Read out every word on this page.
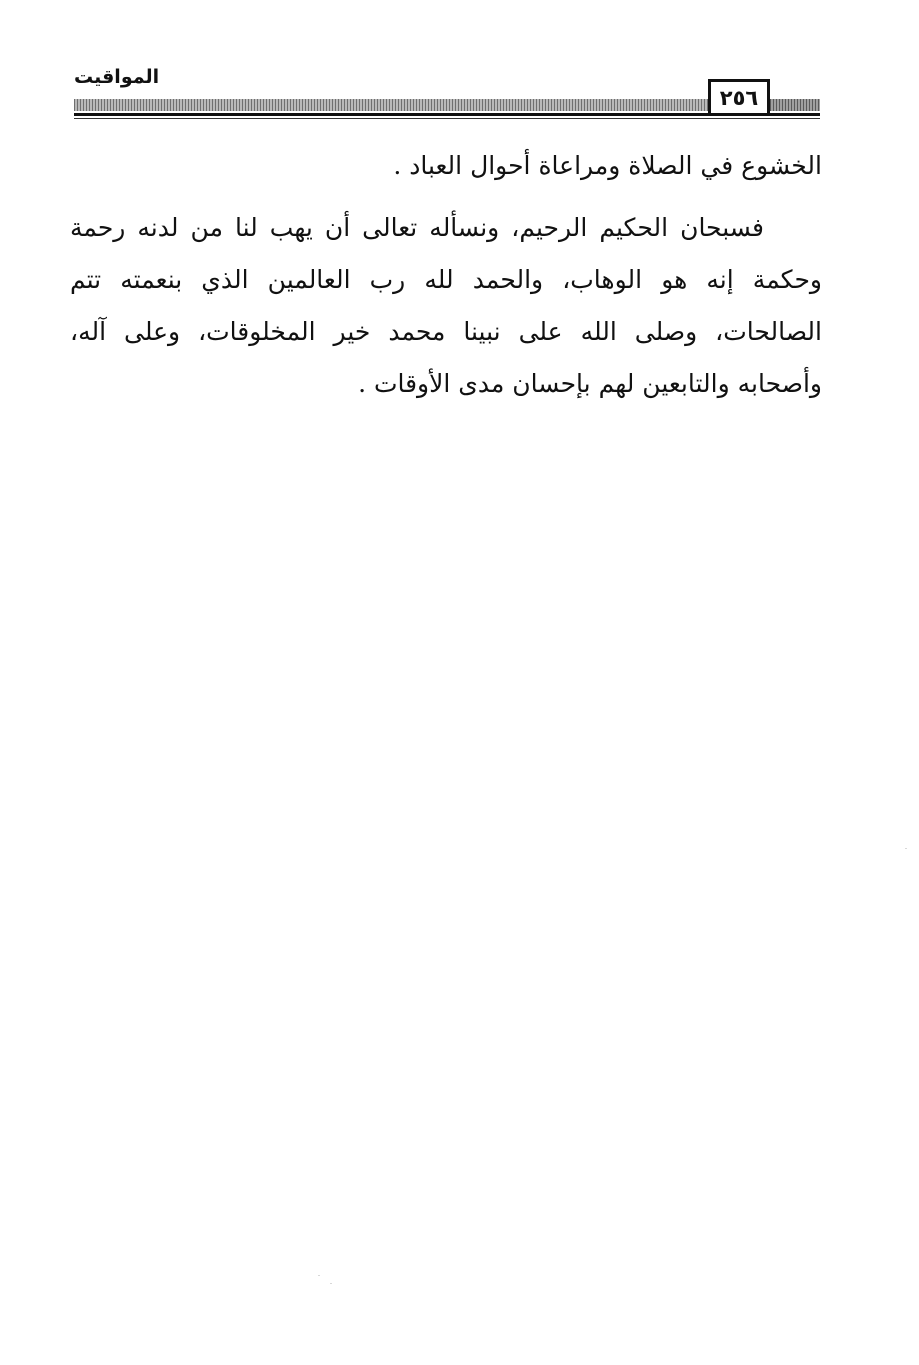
المواقيت
٢٥٦

الخشوع في الصلاة ومراعاة أحوال العباد .

فسبحان الحكيم الرحيم، ونسأله تعالى أن يهب لنا من لدنه رحمة وحكمة إنه هو الوهاب، والحمد لله رب العالمين الذي بنعمته تتم الصالحات، وصلى الله على نبينا محمد خير المخلوقات، وعلى آله، وأصحابه والتابعين لهم بإحسان مدى الأوقات .
